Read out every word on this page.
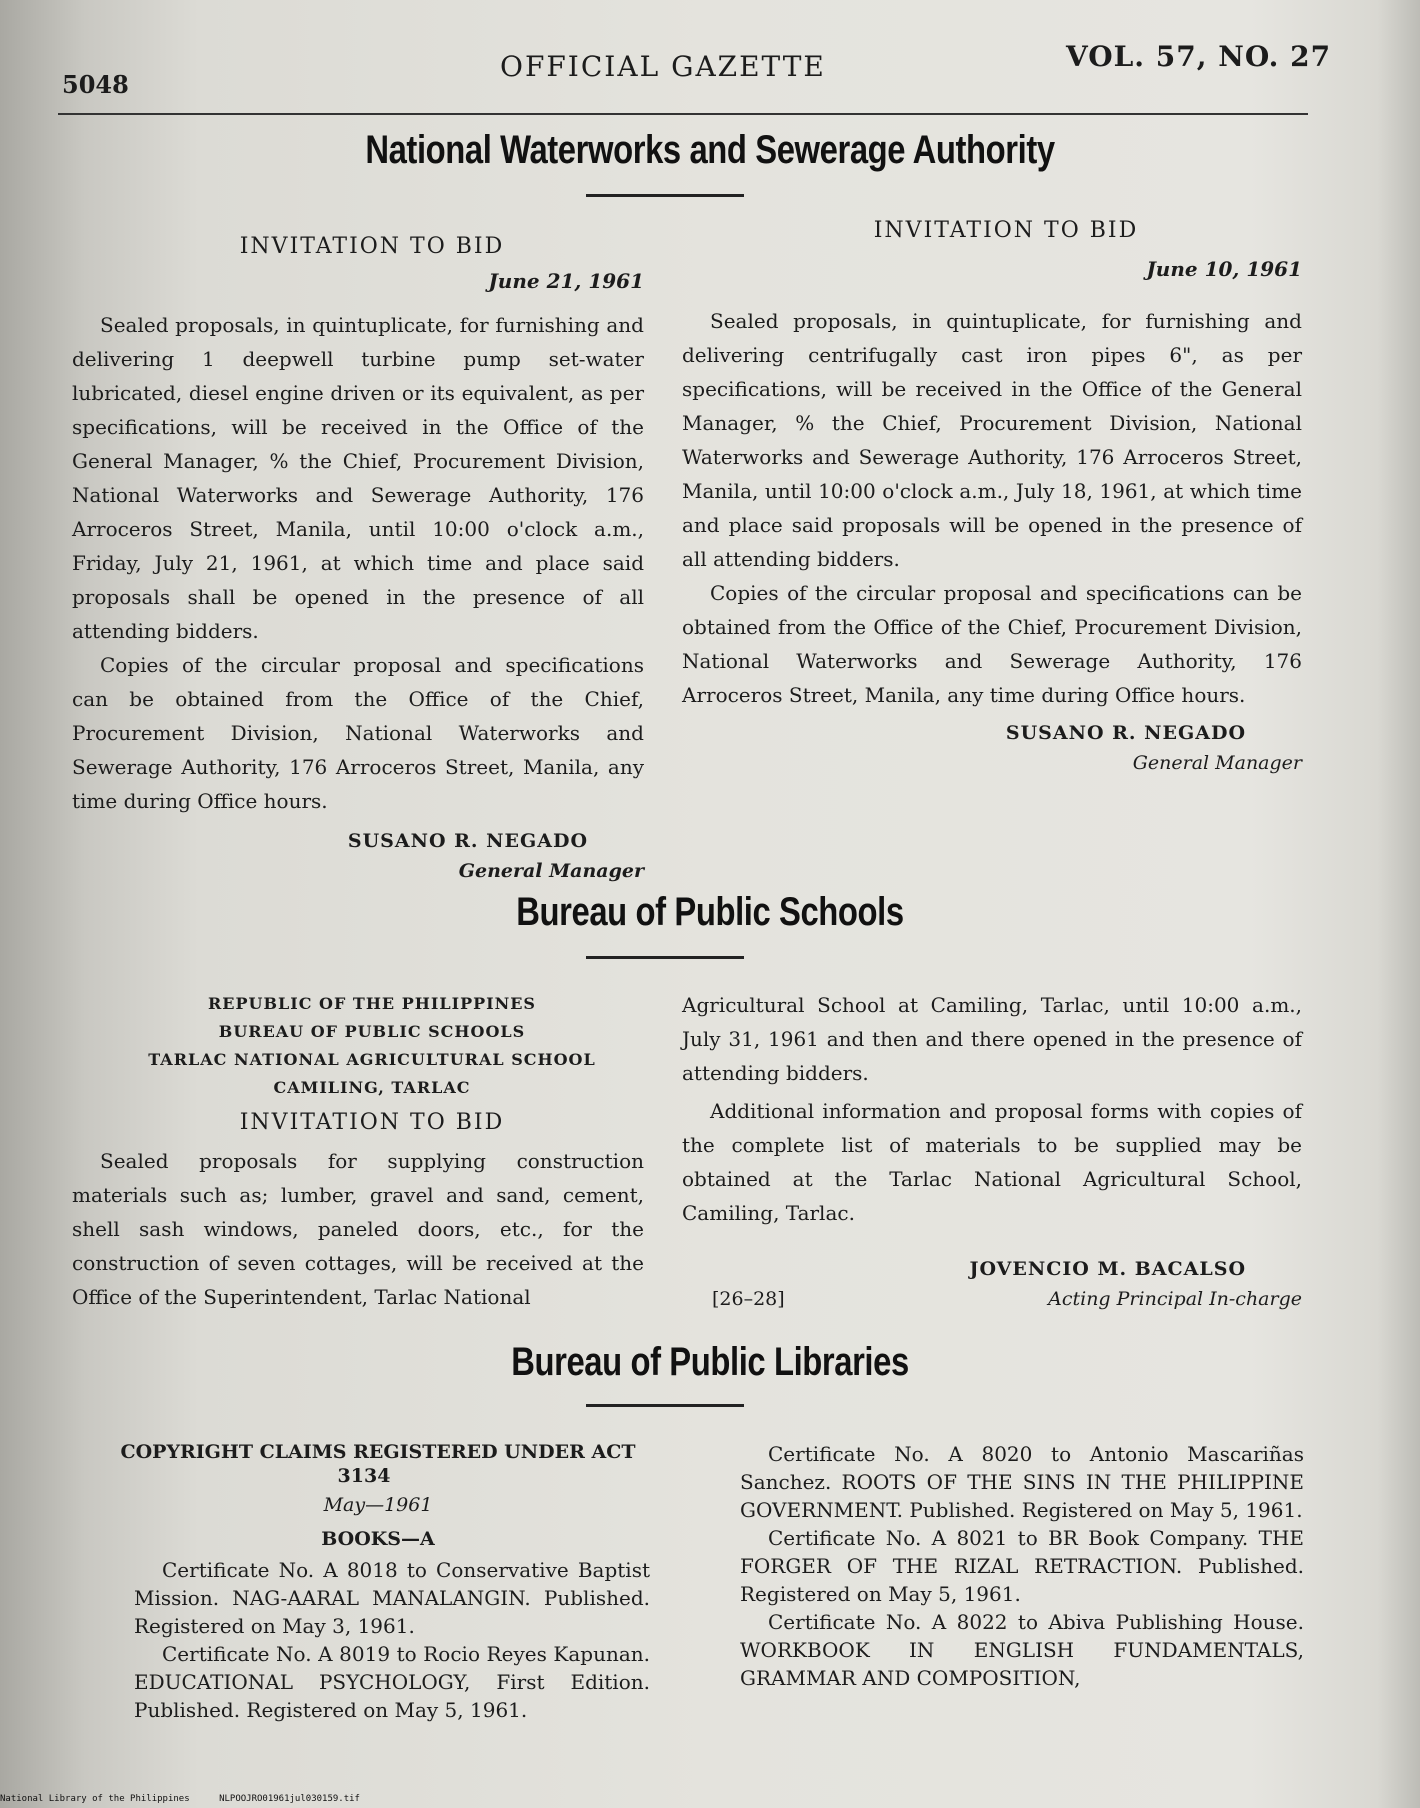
5048
OFFICIAL GAZETTE	VOL. 57, NO. 27
National Waterworks and Sewerage Authority

INVITATION TO BID

June 21, 1961

Sealed proposals, in quintuplicate, for furnishing and delivering 1 deepwell turbine pump set-water lubricated, diesel engine driven or its equivalent, as per specifications, will be received in the Office of the General Manager, % the Chief, Procurement Division, National Waterworks and Sewerage Authority, 176 Arroceros Street, Manila, until 10:00 o'clock a.m., Friday, July 21, 1961, at which time and place said proposals shall be opened in the presence of all attending bidders.

Copies of the circular proposal and specifications can be obtained from the Office of the Chief, Procurement Division, National Waterworks and Sewerage Authority, 176 Arroceros Street, Manila, any time during Office hours.

SUSANO R. NEGADO

General Manager

INVITATION TO BID

June 10, 1961

Sealed proposals, in quintuplicate, for furnishing and delivering centrifugally cast iron pipes 6", as per specifications, will be received in the Office of the General Manager, % the Chief, Procurement Division, National Waterworks and Sewerage Authority, 176 Arroceros Street, Manila, until 10:00 o'clock a.m., July 18, 1961, at which time and place said proposals will be opened in the presence of all attending bidders.

Copies of the circular proposal and specifications can be obtained from the Office of the Chief, Procurement Division, National Waterworks and Sewerage Authority, 176 Arroceros Street, Manila, any time during Office hours.

SUSANO R. NEGADO

General Manager

Bureau of Public Schools

REPUBLIC OF THE PHILIPPINES

BUREAU OF PUBLIC SCHOOLS

TARLAC NATIONAL AGRICULTURAL SCHOOL

CAMILING, TARLAC

INVITATION TO BID

Sealed proposals for supplying construction materials such as; lumber, gravel and sand, cement, shell sash windows, paneled doors, etc., for the construction of seven cottages, will be received at the Office of the Superintendent, Tarlac National

Agricultural School at Camiling, Tarlac, until 10:00 a.m., July 31, 1961 and then and there opened in the presence of attending bidders.

Additional information and proposal forms with copies of the complete list of materials to be supplied may be obtained at the Tarlac National Agricultural School, Camiling, Tarlac.

JOVENCIO M. BACALSO

[26–28]	Acting Principal In-charge

Bureau of Public Libraries

COPYRIGHT CLAIMS REGISTERED UNDER ACT 3134

May—1961

BOOKS—A

Certificate No. A 8018 to Conservative Baptist Mission. NAG-AARAL MANALANGIN. Published. Registered on May 3, 1961.

Certificate No. A 8019 to Rocio Reyes Kapunan. EDUCATIONAL PSYCHOLOGY, First Edition. Published. Registered on May 5, 1961.

Certificate No. A 8020 to Antonio Mascariñas Sanchez. ROOTS OF THE SINS IN THE PHILIPPINE GOVERNMENT. Published. Registered on May 5, 1961.

Certificate No. A 8021 to BR Book Company. THE FORGER OF THE RIZAL RETRACTION. Published. Registered on May 5, 1961.

Certificate No. A 8022 to Abiva Publishing House. WORKBOOK IN ENGLISH FUNDAMENTALS, GRAMMAR AND COMPOSITION,

National Library of the Philippines	NLPOOJRO01961jul030159.tif
